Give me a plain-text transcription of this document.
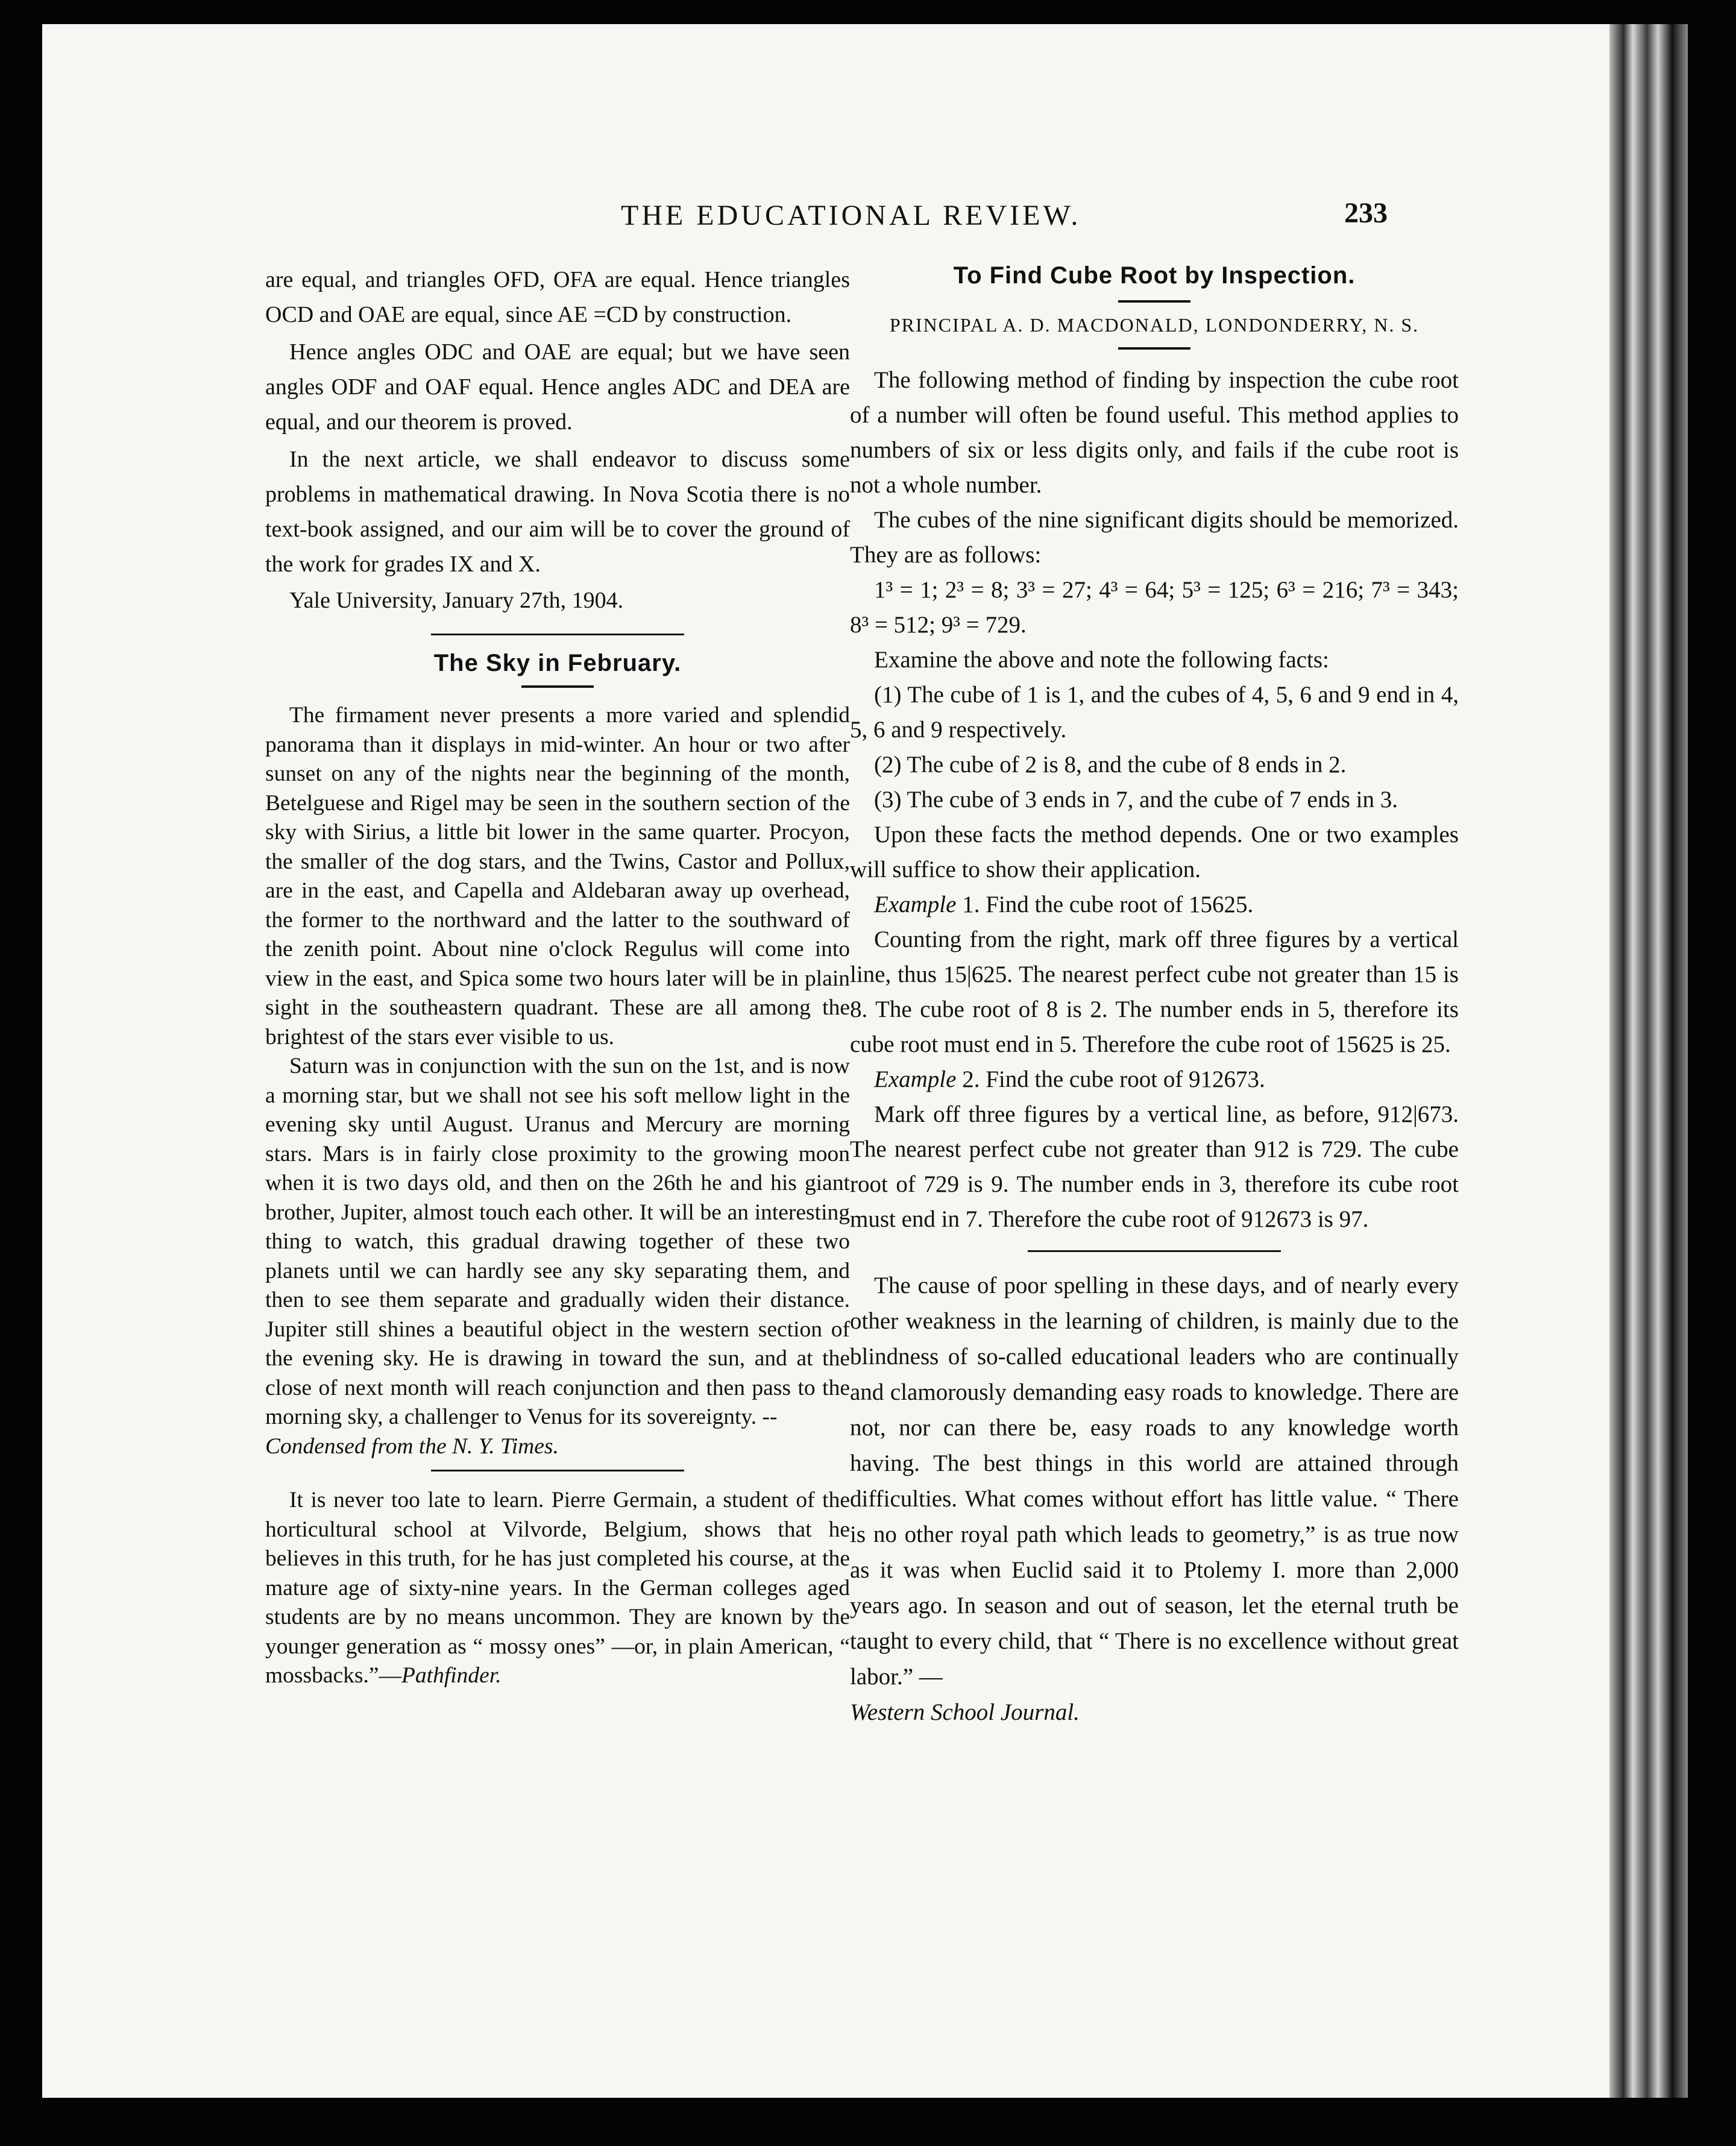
THE EDUCATIONAL REVIEW.	233

are equal, and triangles OFD, OFA are equal. Hence triangles OCD and OAE are equal, since AE =CD by construction.

Hence angles ODC and OAE are equal; but we have seen angles ODF and OAF equal. Hence angles ADC and DEA are equal, and our theorem is proved.

In the next article, we shall endeavor to discuss some problems in mathematical drawing. In Nova Scotia there is no text-book assigned, and our aim will be to cover the ground of the work for grades IX and X.

Yale University, January 27th, 1904.

The Sky in February.

The firmament never presents a more varied and splendid panorama than it displays in mid-winter. An hour or two after sunset on any of the nights near the beginning of the month, Betelguese and Rigel may be seen in the southern section of the sky with Sirius, a little bit lower in the same quarter. Procyon, the smaller of the dog stars, and the Twins, Castor and Pollux, are in the east, and Capella and Aldebaran away up overhead, the former to the northward and the latter to the southward of the zenith point. About nine o'clock Regulus will come into view in the east, and Spica some two hours later will be in plain sight in the southeastern quadrant. These are all among the brightest of the stars ever visible to us.

Saturn was in conjunction with the sun on the 1st, and is now a morning star, but we shall not see his soft mellow light in the evening sky until August. Uranus and Mercury are morning stars. Mars is in fairly close proximity to the growing moon when it is two days old, and then on the 26th he and his giant brother, Jupiter, almost touch each other. It will be an interesting thing to watch, this gradual drawing together of these two planets until we can hardly see any sky separating them, and then to see them separate and gradually widen their distance. Jupiter still shines a beautiful object in the western section of the evening sky. He is drawing in toward the sun, and at the close of next month will reach conjunction and then pass to the morning sky, a challenger to Venus for its sovereignty. --

Condensed from the N. Y. Times.

It is never too late to learn. Pierre Germain, a student of the horticultural school at Vilvorde, Belgium, shows that he believes in this truth, for he has just completed his course, at the mature age of sixty-nine years. In the German colleges aged students are by no means uncommon. They are known by the younger generation as “ mossy ones” —or, in plain American, “ mossbacks.”—Pathfinder.

To Find Cube Root by Inspection.

PRINCIPAL A. D. MACDONALD, LONDONDERRY, N. S.

The following method of finding by inspection the cube root of a number will often be found useful. This method applies to numbers of six or less digits only, and fails if the cube root is not a whole number.

The cubes of the nine significant digits should be memorized. They are as follows:

1³ = 1; 2³ = 8; 3³ = 27; 4³ = 64; 5³ = 125; 6³ = 216; 7³ = 343; 8³ = 512; 9³ = 729.

Examine the above and note the following facts:

(1) The cube of 1 is 1, and the cubes of 4, 5, 6 and 9 end in 4, 5, 6 and 9 respectively.

(2) The cube of 2 is 8, and the cube of 8 ends in 2.

(3) The cube of 3 ends in 7, and the cube of 7 ends in 3.

Upon these facts the method depends. One or two examples will suffice to show their application.

Example 1. Find the cube root of 15625.

Counting from the right, mark off three figures by a vertical line, thus 15|625. The nearest perfect cube not greater than 15 is 8. The cube root of 8 is 2. The number ends in 5, therefore its cube root must end in 5. Therefore the cube root of 15625 is 25.

Example 2. Find the cube root of 912673.

Mark off three figures by a vertical line, as before, 912|673. The nearest perfect cube not greater than 912 is 729. The cube root of 729 is 9. The number ends in 3, therefore its cube root must end in 7. Therefore the cube root of 912673 is 97.

The cause of poor spelling in these days, and of nearly every other weakness in the learning of children, is mainly due to the blindness of so-called educational leaders who are continually and clamorously demanding easy roads to knowledge. There are not, nor can there be, easy roads to any knowledge worth having. The best things in this world are attained through difficulties. What comes without effort has little value. “ There is no other royal path which leads to geometry,” is as true now as it was when Euclid said it to Ptolemy I. more than 2,000 years ago. In season and out of season, let the eternal truth be taught to every child, that “ There is no excellence without great labor.” —

Western School Journal.
